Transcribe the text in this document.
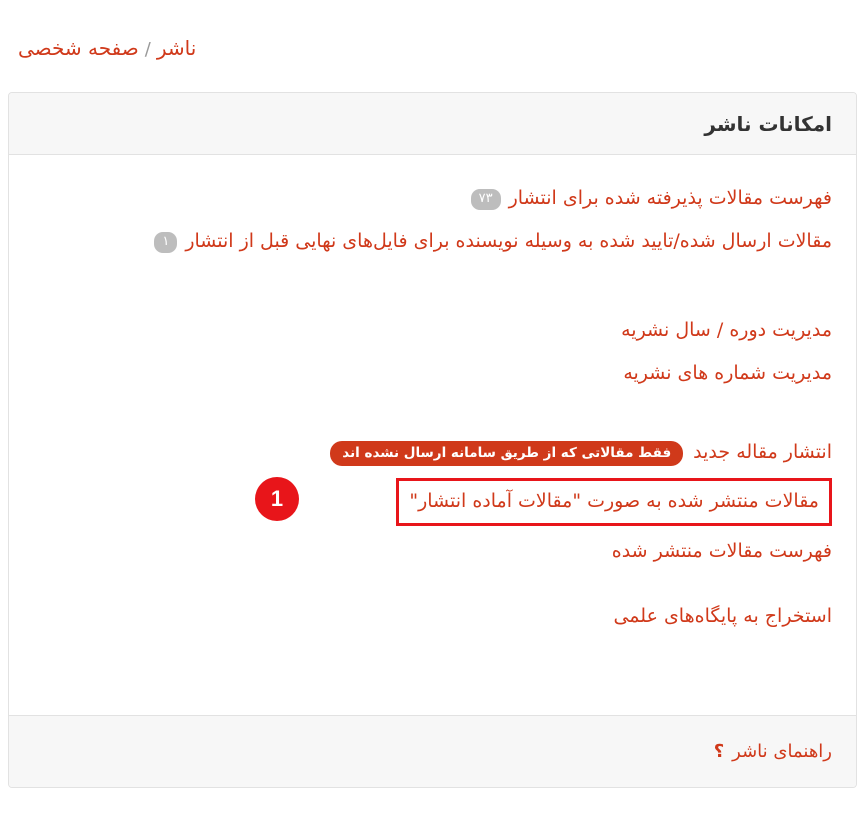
ناشر/صفحه شخصی
امکانات ناشر
فهرست مقالات پذیرفته شده برای انتشار۷۳
مقالات ارسال شده/تایید شده به وسیله نویسنده برای فایل‌های نهایی قبل از انتشار۱
مدیریت دوره / سال نشریه
مدیریت شماره های نشریه
انتشار مقاله جدیدفقط مقالاتی که از طریق سامانه ارسال نشده اند
مقالات منتشر شده به صورت "مقالات آماده انتشار"
1
فهرست مقالات منتشر شده
استخراج به پایگاه‌های علمی
راهنمای ناشر
؟
